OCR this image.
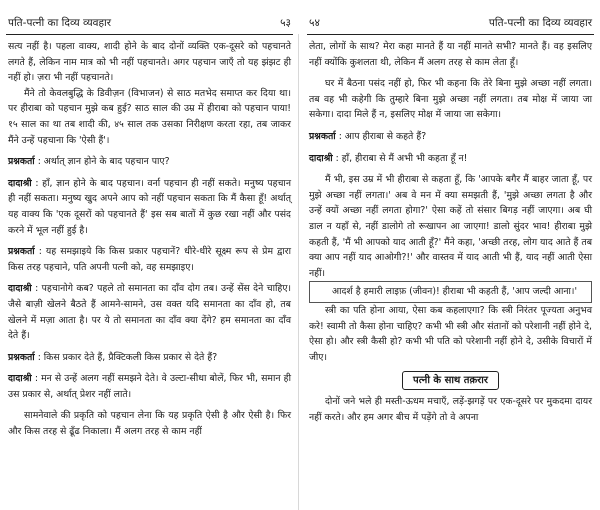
पति-पत्नी का दिव्य व्यवहार	५३

सत्य नहीं है। पहला वाक्य, शादी होने के बाद दोनों व्यक्ति एक-दूसरे को पहचानते लगते हैं, लेकिन नाम मात्र को भी नहीं पहचानते। अगर पहचान जाएँ तो यह झंझट ही नहीं हो। ज़रा भी नहीं पहचानते।

मैंने तो केवलबुद्धि के डिवीज़न (विभाजन) से साठ मतभेद समाप्त कर दिया था। पर हीराबा को पहचान मुझे कब हुई? साठ साल की उम्र में हीराबा को पहचान पाया! १५ साल का था तब शादी की, ४५ साल तक उसका निरीक्षण करता रहा, तब जाकर मैंने उन्हें पहचाना कि 'ऐसी हैं'।

प्रश्नकर्ता : अर्थात् ज्ञान होने के बाद पहचान पाए?

दादाश्री : हाँ, ज्ञान होने के बाद पहचान। वर्ना पहचान ही नहीं सकते। मनुष्य पहचान ही नहीं सकता। मनुष्य खुद अपने आप को नहीं पहचान सकता कि मैं कैसा हूँ! अर्थात् यह वाक्य कि 'एक दूसरों को पहचानते हैं' इस सब बातों में कुछ रखा नहीं और पसंद करने में भूल नहीं हुई है।

प्रश्नकर्ता : यह समझाइये कि किस प्रकार पहचानें? धीरे-धीरे सूक्ष्म रूप से प्रेम द्वारा किस तरह पहचाने, पति अपनी पत्नी को, वह समझाइए।

दादाश्री : पहचानोगे कब? पहले तो समानता का दाँव दोग तब। उन्हें सेंस देने चाहिए। जैसे बाज़ी खेलने बैठते हैं आमने-सामने, उस वक्त यदि समानता का दाँव हो, तब खेलने में मज़ा आता है। पर ये तो समानता का दाँव क्या देंगे? हम समानता का दाँव देते हैं।

प्रश्नकर्ता : किस प्रकार देते हैं, प्रैक्टिकली किस प्रकार से देते हैं?

दादाश्री : मन से उन्हें अलग नहीं समझने देते। वे उल्टा-सीधा बोलें, फिर भी, समान ही उस प्रकार से, अर्थात् प्रेशर नहीं लाते।

सामनेवाले की प्रकृति को पहचान लेना कि यह प्रकृति ऐसी है और ऐसी है। फिर और किस तरह से ढूँढ निकाला। मैं अलग तरह से काम नहीं

५४	पति-पत्नी का दिव्य व्यवहार

लेता, लोगों के साथ? मेरा कहा मानते हैं या नहीं मानते सभी? मानते हैं। वह इसलिए नहीं क्योंकि कुशलता थी, लेकिन मैं अलग तरह से काम लेता हूँ।

घर में बैठना पसंद नहीं हो, फिर भी कहना कि तेरे बिना मुझे अच्छा नहीं लगता। तब वह भी कहेगी कि तुम्हारे बिना मुझे अच्छा नहीं लगता। तब मोक्ष में जाया जा सकेगा। दादा मिले हैं न, इसलिए मोक्ष में जाया जा सकेगा।

प्रश्नकर्ता : आप हीराबा से कहते हैं?

दादाश्री : हाँ, हीराबा से मैं अभी भी कहता हूँ न!

मैं भी, इस उम्र में भी हीराबा से कहता हूँ, कि 'आपके बगैर मैं बाहर जाता हूँ, पर मुझे अच्छा नहीं लगता।' अब वे मन में क्या समझती हैं, 'मुझे अच्छा लगता है और उन्हें क्यों अच्छा नहीं लगता होगा?' ऐसा कहें तो संसार बिगड़ नहीं जाएगा। अब घी डाल न यहाँ से, नहीं डालोगे तो रूखापन आ जाएगा! डालो सुंदर भाव! हीराबा मुझे कहती हैं, 'मैं भी आपको याद आती हूँ?' मैंने कहा, 'अच्छी तरह, लोग याद आते हैं तब क्या आप नहीं याद आओगी?!' और वास्तव में याद आती भी हैं, याद नहीं आती ऐसा नहीं।

आदर्श है हमारी लाइफ़ (जीवन)! हीराबा भी कहती हैं, 'आप जल्दी आना।'

स्त्री का पति होना आया, ऐसा कब कहलाएगा? कि स्त्री निरंतर पूज्यता अनुभव करे! स्वामी तो कैसा होना चाहिए? कभी भी स्त्री और संतानों को परेशानी नहीं होने दे, ऐसा हो। और स्त्री कैसी हो? कभी भी पति को परेशानी नहीं होने दे, उसीके विचारों में जीए।

पत्नी के साथ तक़रार

दोनों जने भले ही मस्ती-ऊधम मचाएँ, लड़ें-झगड़ें पर एक-दूसरे पर मुकदमा दायर नहीं करते। और हम अगर बीच में पड़ेंगे तो वे अपना
